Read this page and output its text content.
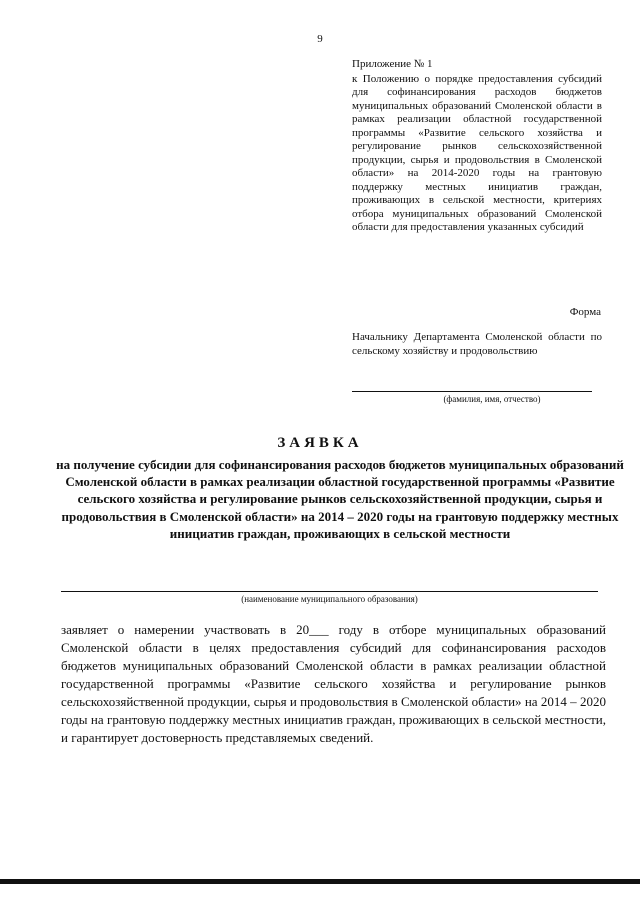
9

Приложение № 1

к Положению о порядке предоставления субсидий для софинансирования расходов бюджетов муниципальных образований Смоленской области в рамках реализации областной государственной программы «Развитие сельского хозяйства и регулирование рынков сельскохозяйственной продукции, сырья и продовольствия в Смоленской области» на 2014-2020 годы на грантовую поддержку местных инициатив граждан, проживающих в сельской местности, критериях отбора муниципальных образований Смоленской области для предоставления указанных субсидий

Форма

Начальнику Департамента Смоленской области по сельскому хозяйству и продовольствию

(фамилия, имя, отчество)
ЗАЯВКА

на получение субсидии для софинансирования расходов бюджетов муниципальных образований Смоленской области в рамках реализации областной государственной программы «Развитие сельского хозяйства и регулирование рынков сельскохозяйственной продукции, сырья и продовольствия в Смоленской области» на 2014 – 2020 годы на грантовую поддержку местных инициатив граждан, проживающих в сельской местности

(наименование муниципального образования)

заявляет о намерении участвовать в 20___ году в отборе муниципальных образований Смоленской области в целях предоставления субсидий для софинансирования расходов бюджетов муниципальных образований Смоленской области в рамках реализации областной государственной программы «Развитие сельского хозяйства и регулирование рынков сельскохозяйственной продукции, сырья и продовольствия в Смоленской области» на 2014 – 2020 годы на грантовую поддержку местных инициатив граждан, проживающих в сельской местности, и гарантирует достоверность представляемых сведений.
